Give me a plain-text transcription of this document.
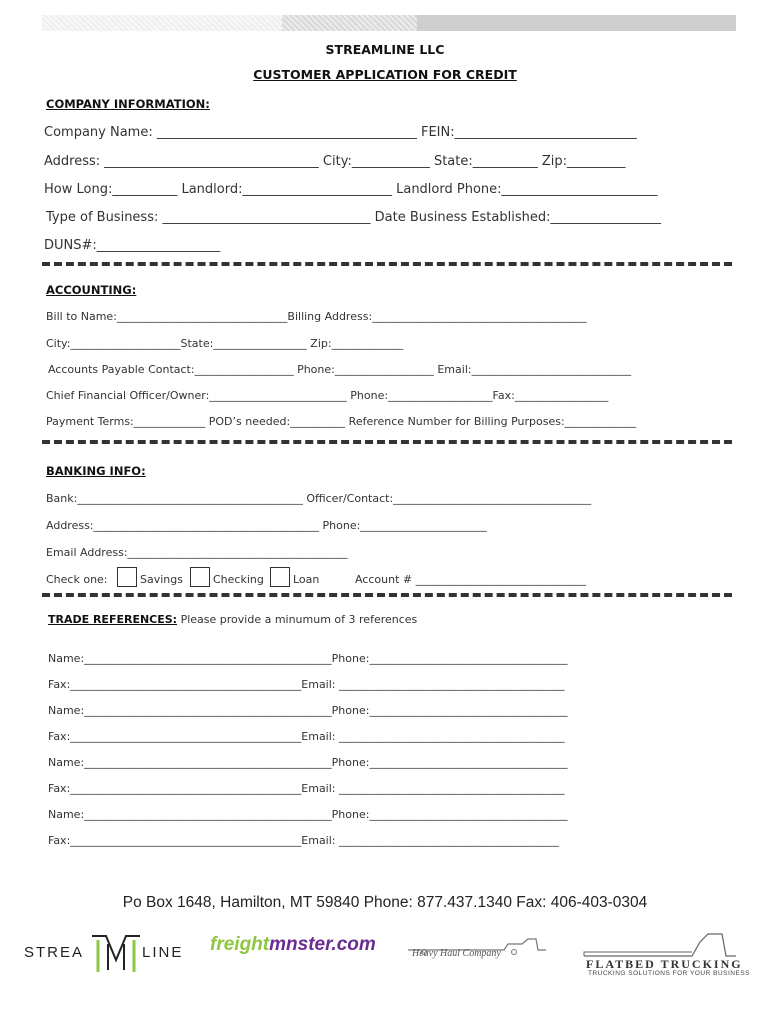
STREAMLINE LLC
CUSTOMER APPLICATION FOR CREDIT
COMPANY INFORMATION:
Company Name: ________________________________________ FEIN:____________________________
Address: _________________________________ City:____________ State:__________ Zip:_________
How Long:__________ Landlord:_______________________ Landlord Phone:________________________
Type of Business: ________________________________ Date Business Established:_________________
DUNS#:___________________
ACCOUNTING:
Bill to Name:_______________________________Billing Address:_______________________________________
City:____________________State:_________________ Zip:_____________
Accounts Payable Contact:__________________ Phone:__________________ Email:_____________________________
Chief Financial Officer/Owner:_________________________ Phone:___________________Fax:_________________
Payment Terms:_____________ POD’s needed:__________ Reference Number for Billing Purposes:_____________
BANKING INFO:
Bank:_________________________________________ Officer/Contact:____________________________________
Address:_________________________________________ Phone:_______________________
Email Address:________________________________________
Check one:	Savings	Checking	Loan	Account # _______________________________
TRADE REFERENCES: Please provide a minumum of 3 references
Name:_____________________________________________Phone:____________________________________
Fax:__________________________________________Email: _________________________________________
Name:_____________________________________________Phone:____________________________________
Fax:__________________________________________Email: _________________________________________
Name:_____________________________________________Phone:____________________________________
Fax:__________________________________________Email: _________________________________________
Name:_____________________________________________Phone:____________________________________
Fax:__________________________________________Email: ________________________________________
Po Box 1648, Hamilton, MT 59840 Phone: 877.437.1340 Fax: 406-403-0304
STREA	LINE freightmnster.com	Heavy Haul Company
FLATBED TRUCKING
TRUCKING SOLUTIONS FOR YOUR BUSINESS
